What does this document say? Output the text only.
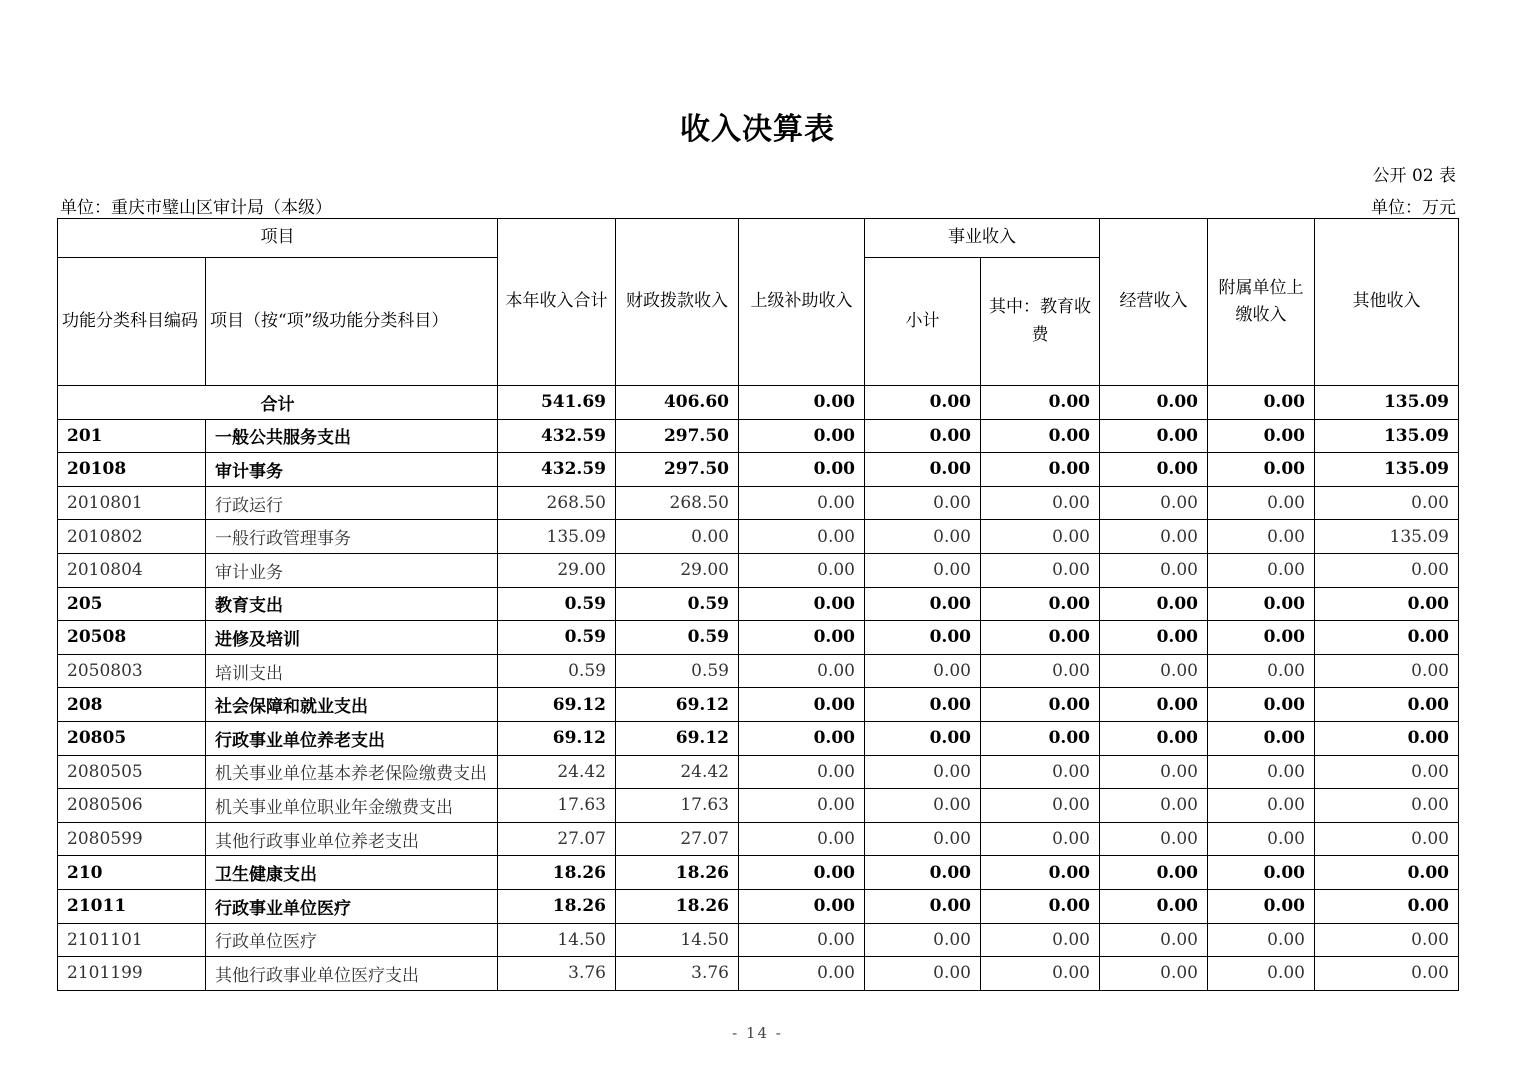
收入决算表
公开 02 表
单位：重庆市璧山区审计局（本级）	单位：万元
项目		本年收入合计	财政拨款收入	上级补助收入	事业收入		经营收入	附属单位上缴收入	其他收入
功能分类科目编码	项目（按“项”级功能分类科目）				小计	其中：教育收费			
合计		541.69	406.60	0.00	0.00	0.00	0.00	0.00	135.09
201	一般公共服务支出	432.59	297.50	0.00	0.00	0.00	0.00	0.00	135.09
20108	审计事务	432.59	297.50	0.00	0.00	0.00	0.00	0.00	135.09
2010801	行政运行	268.50	268.50	0.00	0.00	0.00	0.00	0.00	0.00
2010802	一般行政管理事务	135.09	0.00	0.00	0.00	0.00	0.00	0.00	135.09
2010804	审计业务	29.00	29.00	0.00	0.00	0.00	0.00	0.00	0.00
205	教育支出	0.59	0.59	0.00	0.00	0.00	0.00	0.00	0.00
20508	进修及培训	0.59	0.59	0.00	0.00	0.00	0.00	0.00	0.00
2050803	培训支出	0.59	0.59	0.00	0.00	0.00	0.00	0.00	0.00
208	社会保障和就业支出	69.12	69.12	0.00	0.00	0.00	0.00	0.00	0.00
20805	行政事业单位养老支出	69.12	69.12	0.00	0.00	0.00	0.00	0.00	0.00
2080505	机关事业单位基本养老保险缴费支出	24.42	24.42	0.00	0.00	0.00	0.00	0.00	0.00
2080506	机关事业单位职业年金缴费支出	17.63	17.63	0.00	0.00	0.00	0.00	0.00	0.00
2080599	其他行政事业单位养老支出	27.07	27.07	0.00	0.00	0.00	0.00	0.00	0.00
210	卫生健康支出	18.26	18.26	0.00	0.00	0.00	0.00	0.00	0.00
21011	行政事业单位医疗	18.26	18.26	0.00	0.00	0.00	0.00	0.00	0.00
2101101	行政单位医疗	14.50	14.50	0.00	0.00	0.00	0.00	0.00	0.00
2101199	其他行政事业单位医疗支出	3.76	3.76	0.00	0.00	0.00	0.00	0.00	0.00
- 14 -
